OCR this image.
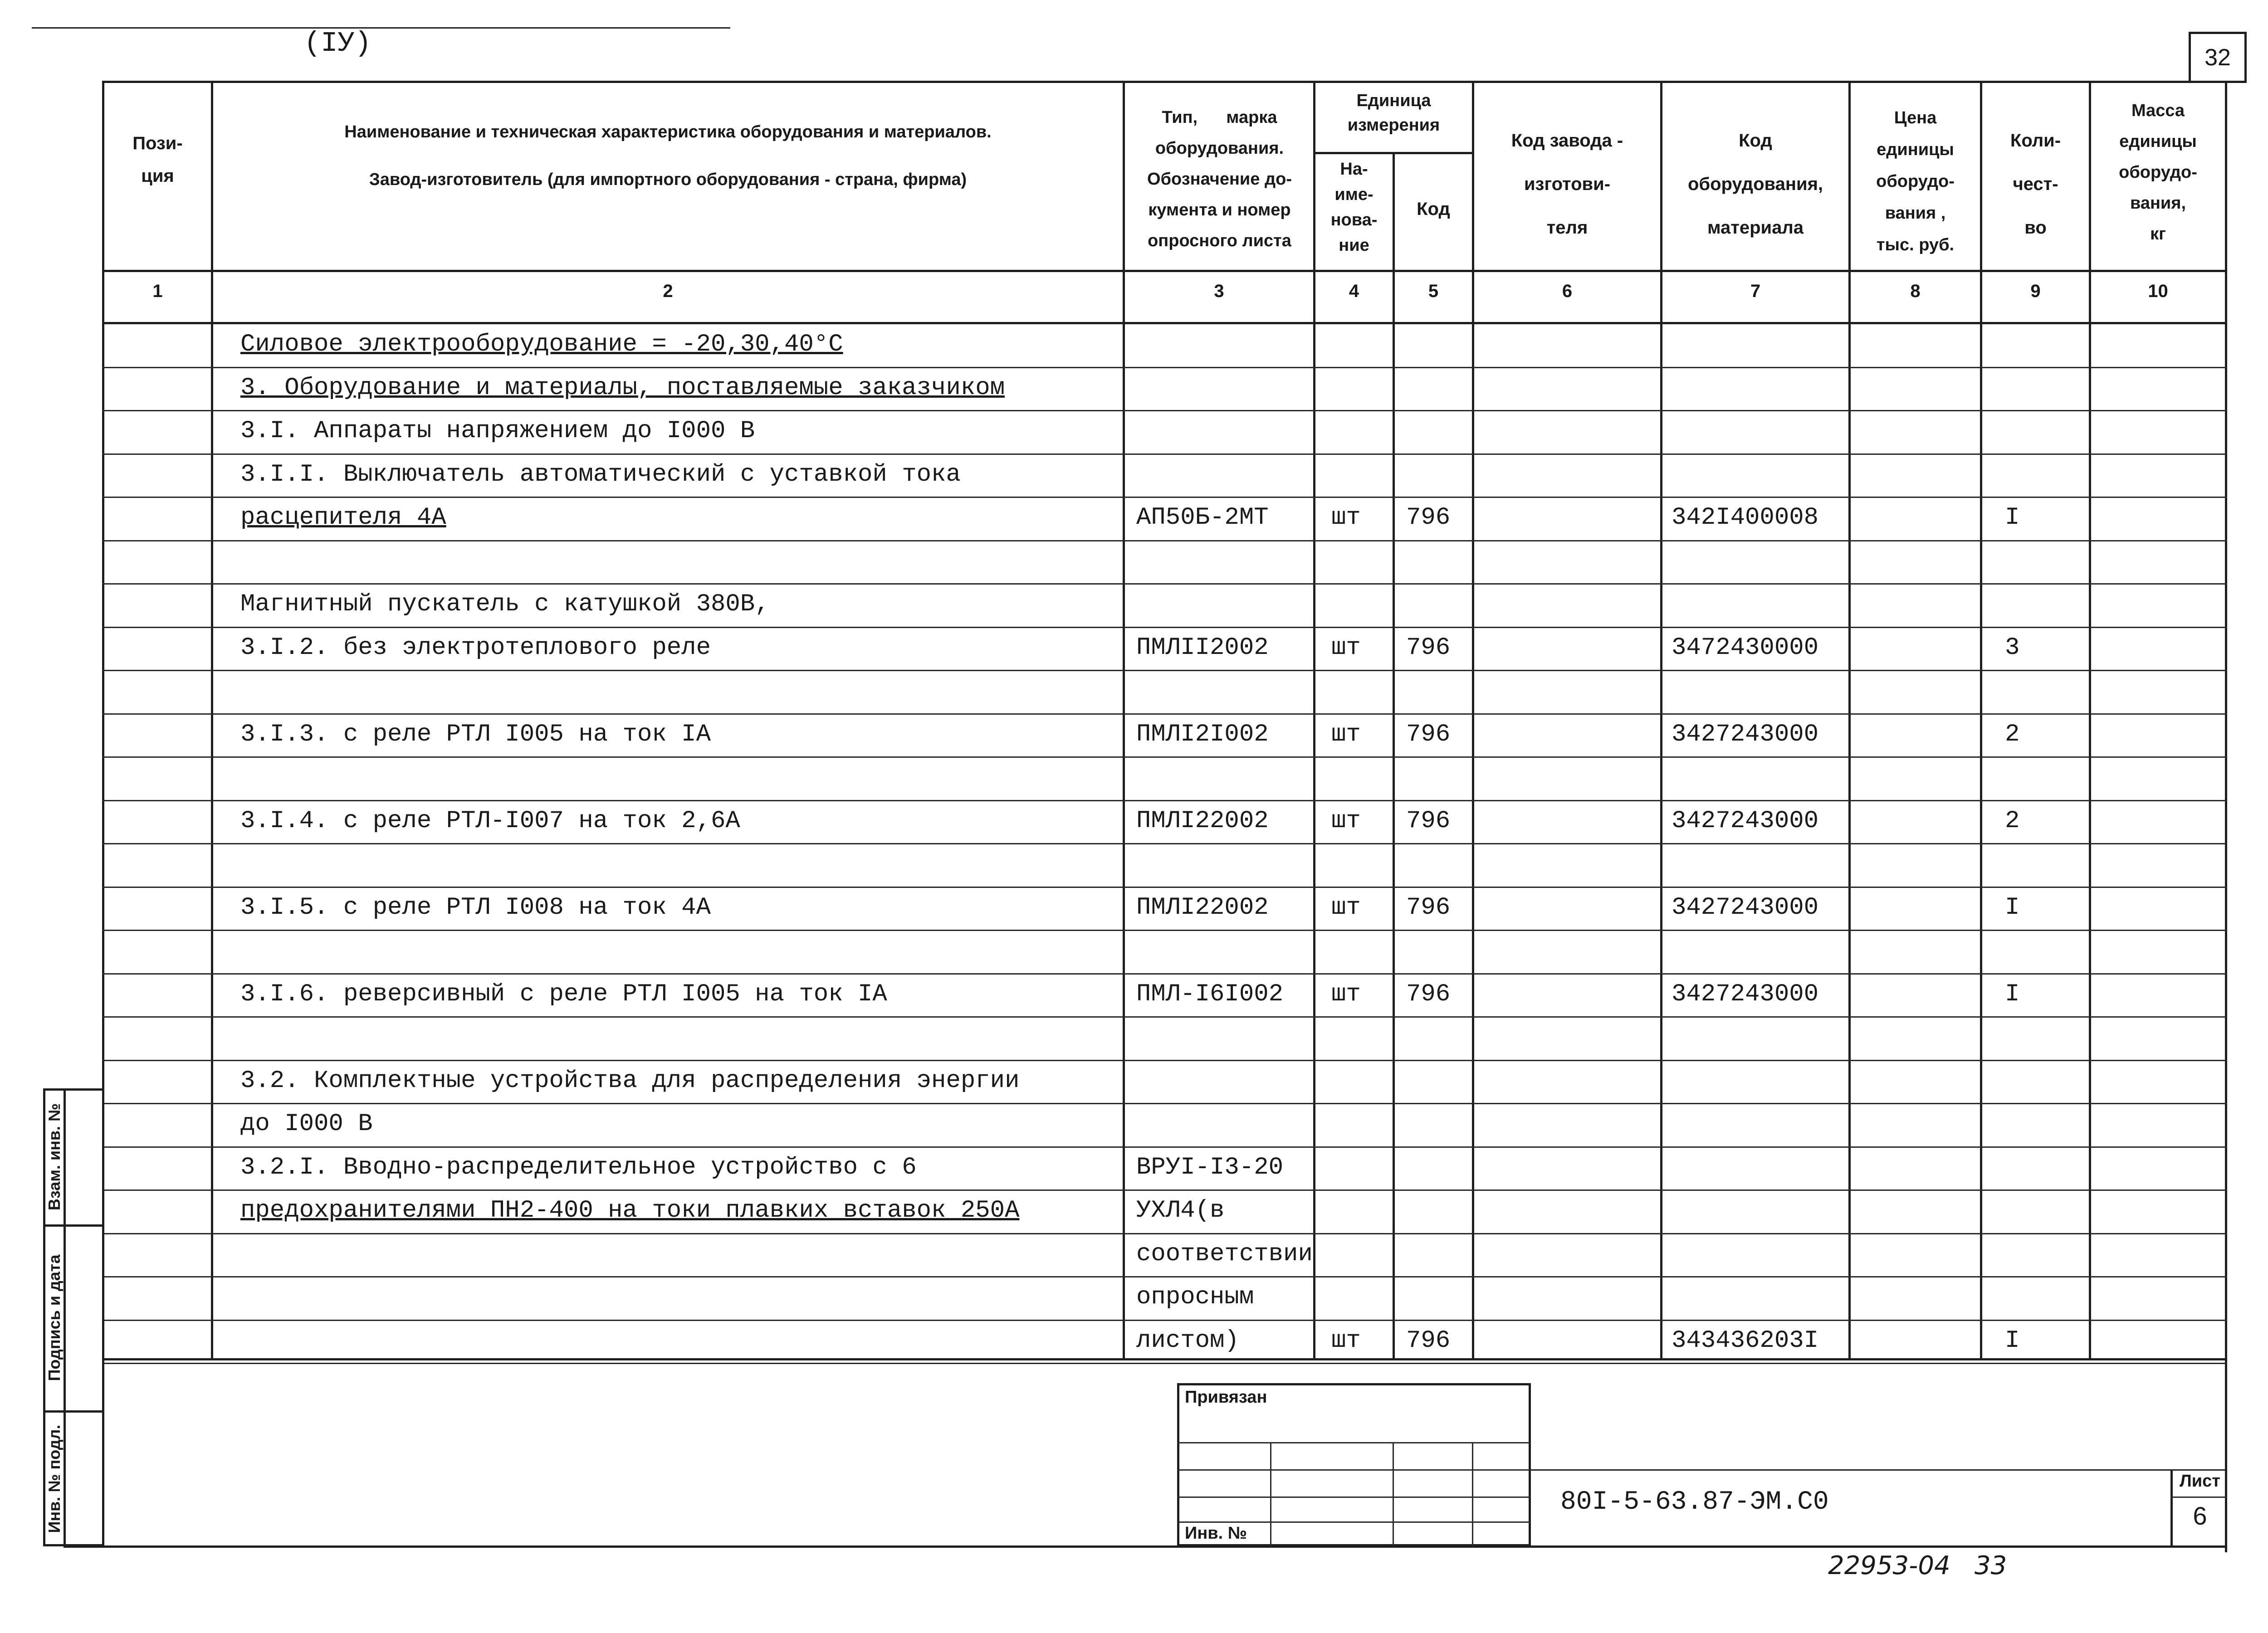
(IУ)	32
Пози-
ция
Наименование и техническая характеристика оборудования и материалов.
Завод-изготовитель (для импортного оборудования - страна, фирма)
Тип,      марка
оборудования.
Обозначение до-
кумента и номер
опросного листа
Единица
измерения
На-
име-
нова-
ние
Код
Код завода -
изготови-
теля
Код
оборудования,
материала
Цена
единицы
оборудо-
вания ,
тыс. руб.
Коли-
чест-
во
Масса
единицы
оборудо-
вания,
кг
1	2	3	4	5	6	7	8	9	10
Силовое электрооборудование = -20,30,40°С
3. Оборудование и материалы, поставляемые заказчиком
3.I. Аппараты напряжением до I000 В
3.I.I. Выключатель автоматический с уставкой тока
расцепителя 4А	АП50Б-2МТ	шт 796	342I400008	I
Магнитный пускатель с катушкой 380В,
3.I.2. без электротеплового реле	ПМЛII2002	шт 796	3472430000	3
3.I.3. с реле РТЛ I005 на ток IА	ПМЛI2I002	шт 796	3427243000	2
3.I.4. с реле РТЛ-I007 на ток 2,6А	ПМЛI22002	шт 796	3427243000	2
3.I.5. с реле РТЛ I008 на ток 4А	ПМЛI22002	шт 796	3427243000	I
3.I.6. реверсивный с реле РТЛ I005 на ток IА	ПМЛ-I6I002 шт 796	3427243000	I
3.2. Комплектные устройства для распределения энергии
до I000 В
3.2.I. Вводно-распределительное устройство с 6	ВРУI-I3-20
предохранителями ПН2-400 на токи плавких вставок 250А	УХЛ4(в
соответствии
опросным
листом)	шт 796	343436203I	I
Взам. инв. №
Подпись и дата
Инв. № подл.
Привязан
Инв. №
80I-5-63.87-ЭМ.С0
Лист
6
22953-04   33
